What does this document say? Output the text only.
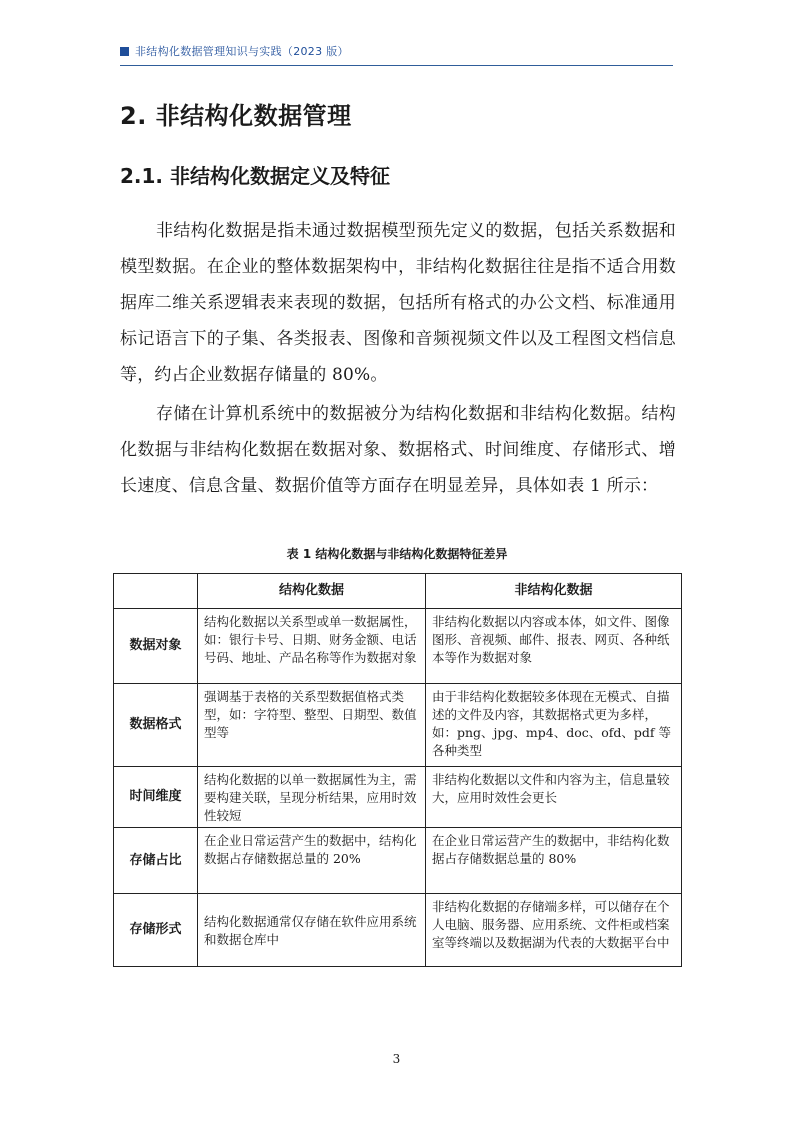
非结构化数据管理知识与实践（2023 版）
2. 非结构化数据管理
2.1. 非结构化数据定义及特征

非结构化数据是指未通过数据模型预先定义的数据，包括关系数据和模型数据。在企业的整体数据架构中，非结构化数据往往是指不适合用数据库二维关系逻辑表来表现的数据，包括所有格式的办公文档、标准通用标记语言下的子集、各类报表、图像和音频视频文件以及工程图文档信息等，约占企业数据存储量的 80%。

存储在计算机系统中的数据被分为结构化数据和非结构化数据。结构化数据与非结构化数据在数据对象、数据格式、时间维度、存储形式、增长速度、信息含量、数据价值等方面存在明显差异，具体如表 1 所示：

表 1 结构化数据与非结构化数据特征差异
	结构化数据	非结构化数据
数据对象	结构化数据以关系型或单一数据属性，如：银行卡号、日期、财务金额、电话号码、地址、产品名称等作为数据对象	非结构化数据以内容或本体，如文件、图像图形、音视频、邮件、报表、网页、各种纸本等作为数据对象
数据格式	强调基于表格的关系型数据值格式类型，如：字符型、整型、日期型、数值型等	由于非结构化数据较多体现在无模式、自描述的文件及内容，其数据格式更为多样，如：png、jpg、mp4、doc、ofd、pdf 等各种类型
时间维度	结构化数据的以单一数据属性为主，需要构建关联，呈现分析结果，应用时效性较短	非结构化数据以文件和内容为主，信息量较大，应用时效性会更长
存储占比	在企业日常运营产生的数据中，结构化数据占存储数据总量的 20%	在企业日常运营产生的数据中，非结构化数据占存储数据总量的 80%
存储形式	结构化数据通常仅存储在软件应用系统和数据仓库中	非结构化数据的存储端多样，可以储存在个人电脑、服务器、应用系统、文件柜或档案室等终端以及数据湖为代表的大数据平台中
3
